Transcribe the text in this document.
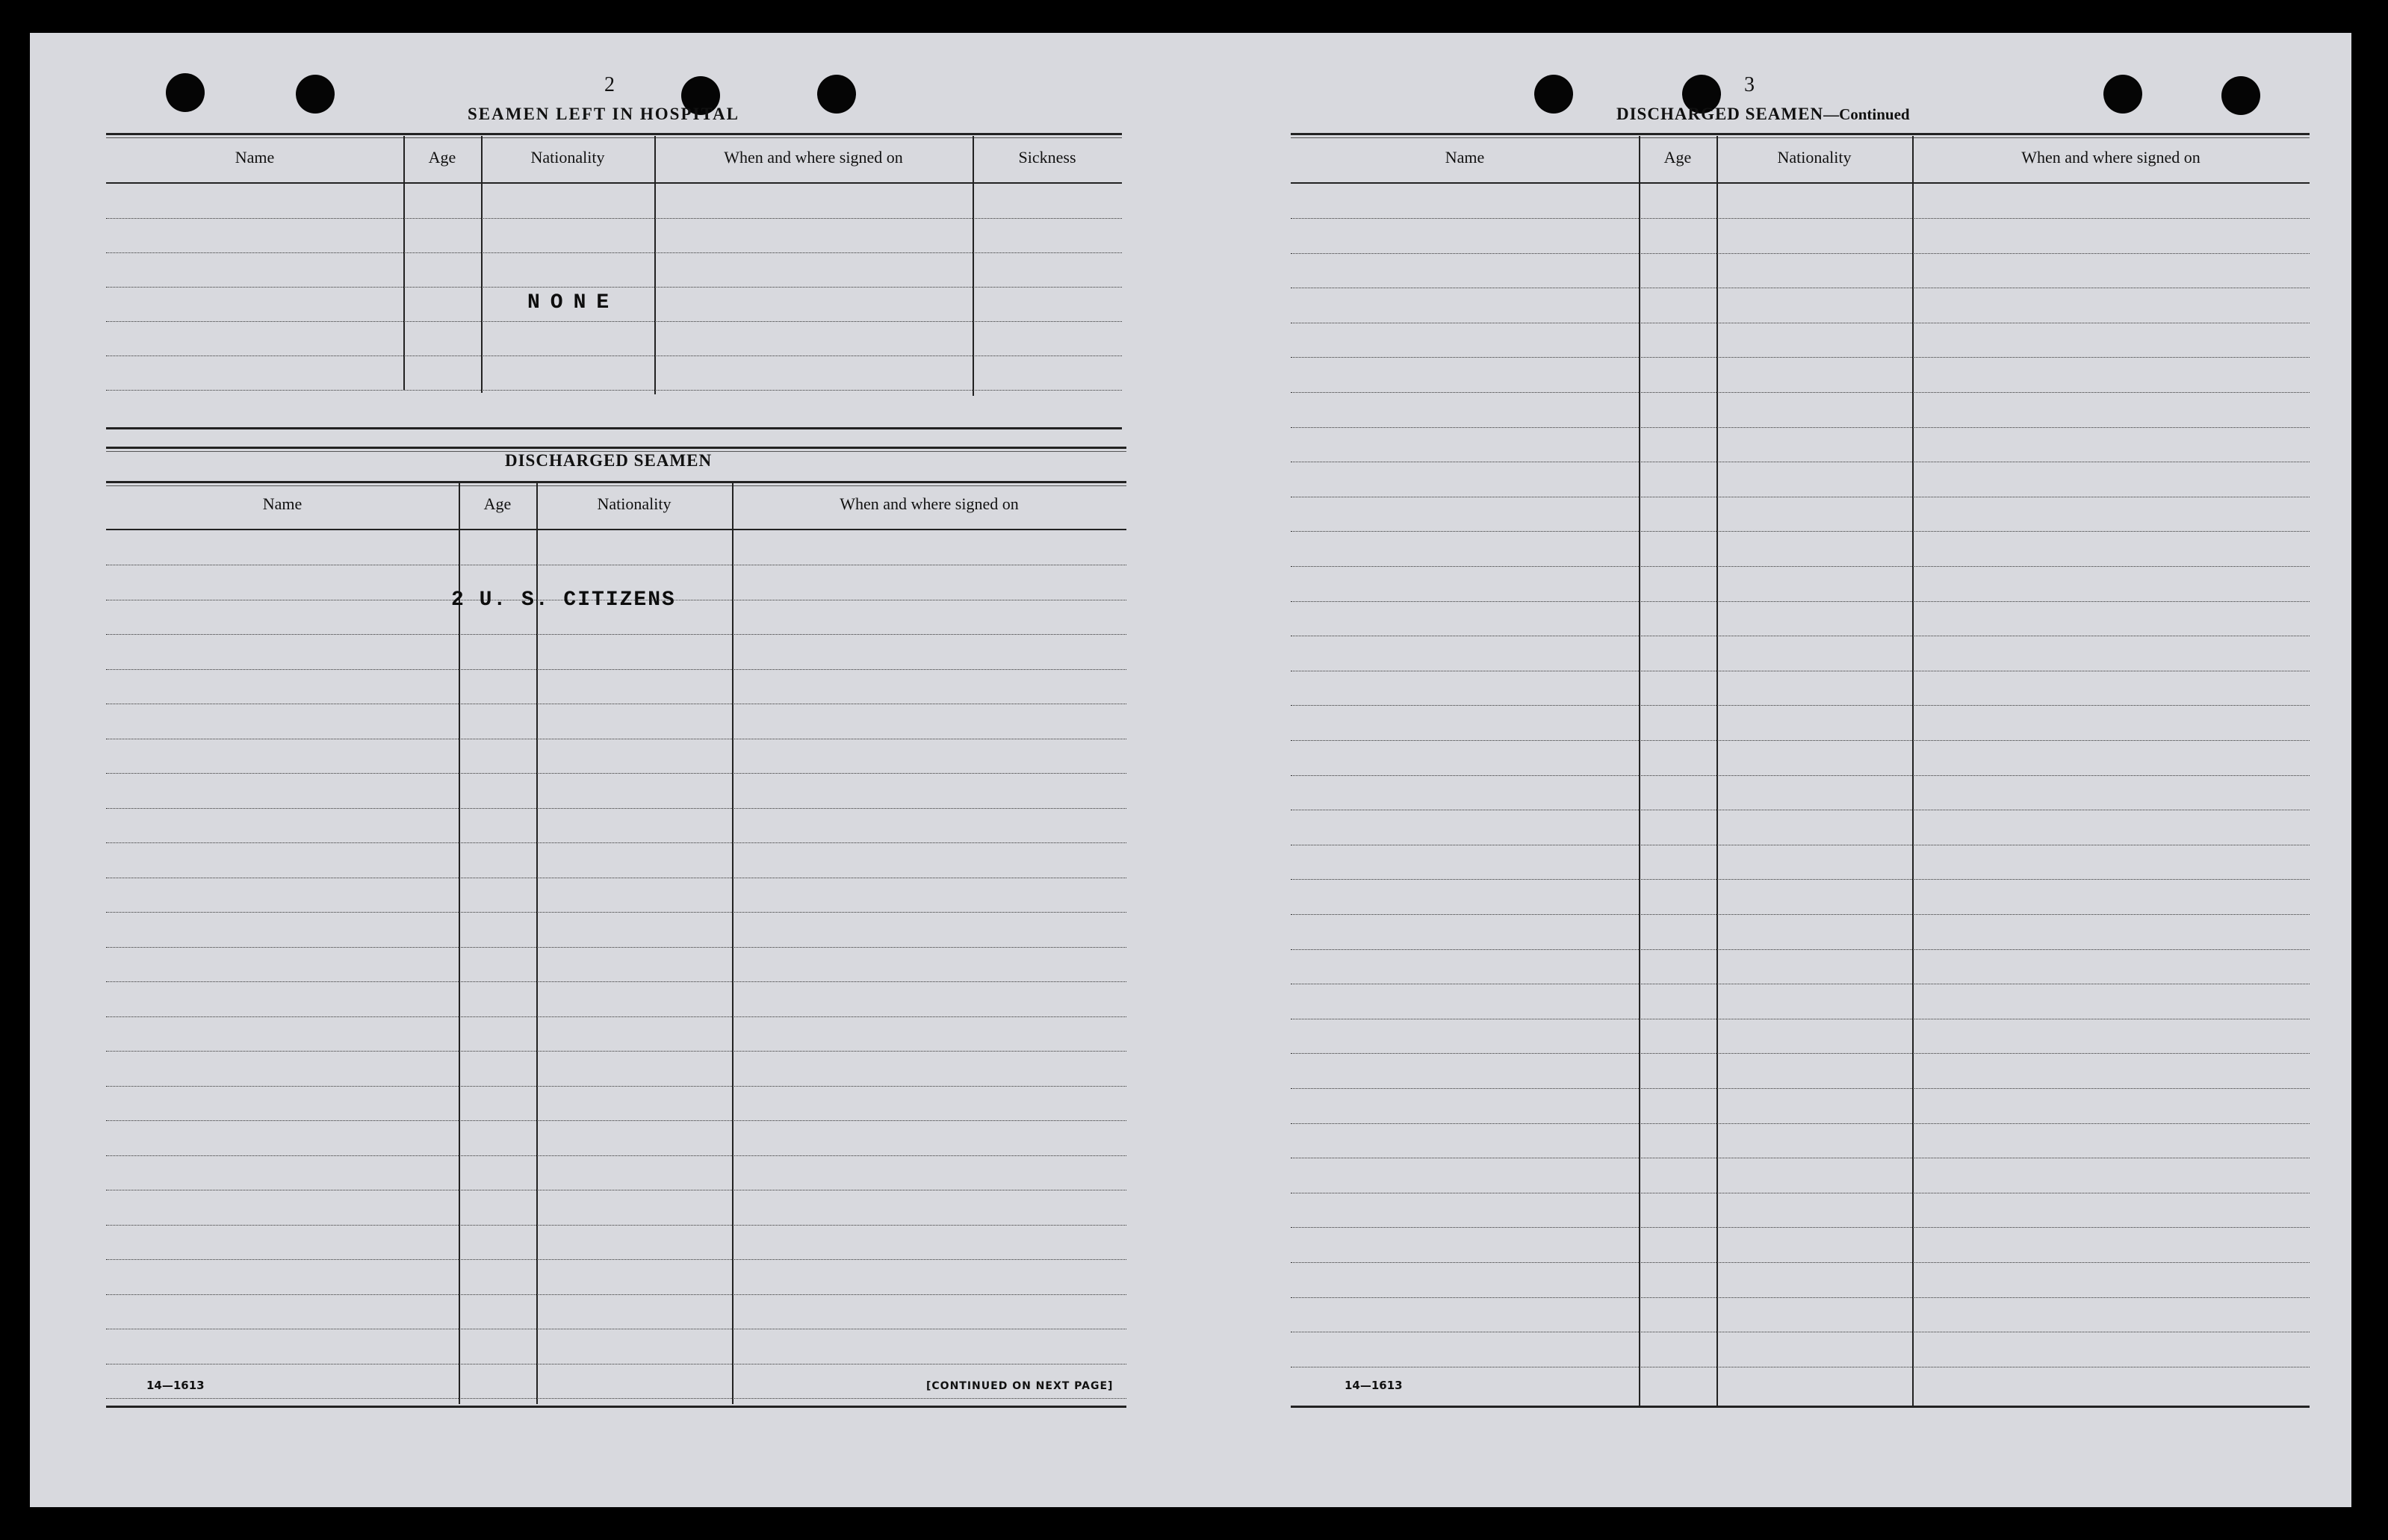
2
SEAMEN LEFT IN HOSPITAL
Name	Age	Nationality	When and where signed on	Sickness
NONE
DISCHARGED SEAMEN
Name	Age	Nationality	When and where signed on
2 U. S. CITIZENS
14—1613	[CONTINUED ON NEXT PAGE]
3
DISCHARGED SEAMEN—Continued
Name	Age	Nationality	When and where signed on
14—1613
